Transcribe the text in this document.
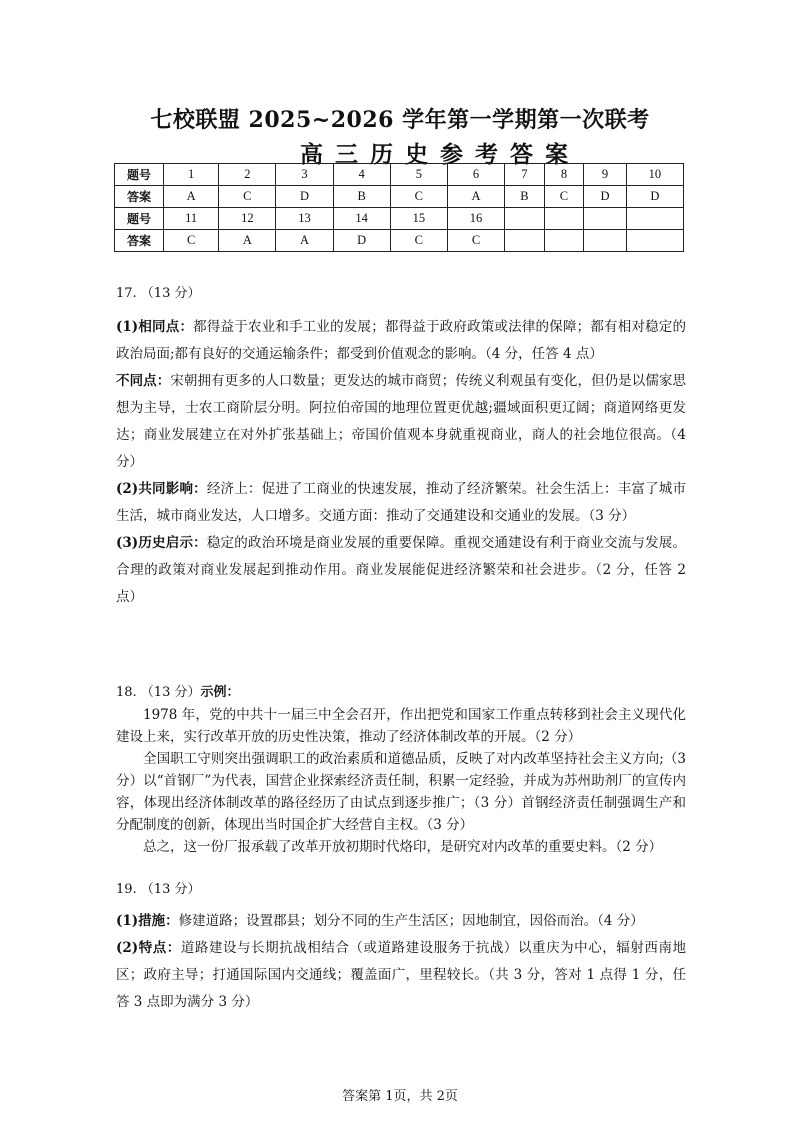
七校联盟 2025~2026 学年第一学期第一次联考
高三历史参考答案
题号	1	2	3	4	5	6	7	8	9	10
答案	A	C	D	B	C	A	B	C	D	D
题号	11	12	13	14	15	16				
答案	C	A	A	D	C	C				

17. （13 分）

(1)相同点：都得益于农业和手工业的发展；都得益于政府政策或法律的保障；都有相对稳定的政治局面;都有良好的交通运输条件；都受到价值观念的影响。（4 分，任答 4 点）

不同点：宋朝拥有更多的人口数量；更发达的城市商贸；传统义利观虽有变化，但仍是以儒家思想为主导，士农工商阶层分明。阿拉伯帝国的地理位置更优越;疆域面积更辽阔；商道网络更发达；商业发展建立在对外扩张基础上；帝国价值观本身就重视商业，商人的社会地位很高。（4 分）

(2)共同影响：经济上：促进了工商业的快速发展，推动了经济繁荣。社会生活上：丰富了城市生活，城市商业发达，人口增多。交通方面：推动了交通建设和交通业的发展。（3 分）

(3)历史启示：稳定的政治环境是商业发展的重要保障。重视交通建设有利于商业交流与发展。合理的政策对商业发展起到推动作用。商业发展能促进经济繁荣和社会进步。（2 分，任答 2 点）

18. （13 分）示例：

1978 年，党的中共十一届三中全会召开，作出把党和国家工作重点转移到社会主义现代化建设上来，实行改革开放的历史性决策，推动了经济体制改革的开展。（2 分）

全国职工守则突出强调职工的政治素质和道德品质，反映了对内改革坚持社会主义方向;（3 分）以“首钢厂”为代表，国营企业探索经济责任制，积累一定经验，并成为苏州助剂厂的宣传内容，体现出经济体制改革的路径经历了由试点到逐步推广；（3 分）首钢经济责任制强调生产和分配制度的创新，体现出当时国企扩大经营自主权。（3 分）

总之，这一份厂报承载了改革开放初期时代烙印，是研究对内改革的重要史料。（2 分）

19. （13 分）

(1)措施：修建道路；设置郡县；划分不同的生产生活区；因地制宜，因俗而治。（4 分）

(2)特点：道路建设与长期抗战相结合（或道路建设服务于抗战）以重庆为中心，辐射西南地区；政府主导；打通国际国内交通线；覆盖面广，里程较长。（共 3 分，答对 1 点得 1 分，任答 3 点即为满分 3 分）

答案第 1页，共 2页
